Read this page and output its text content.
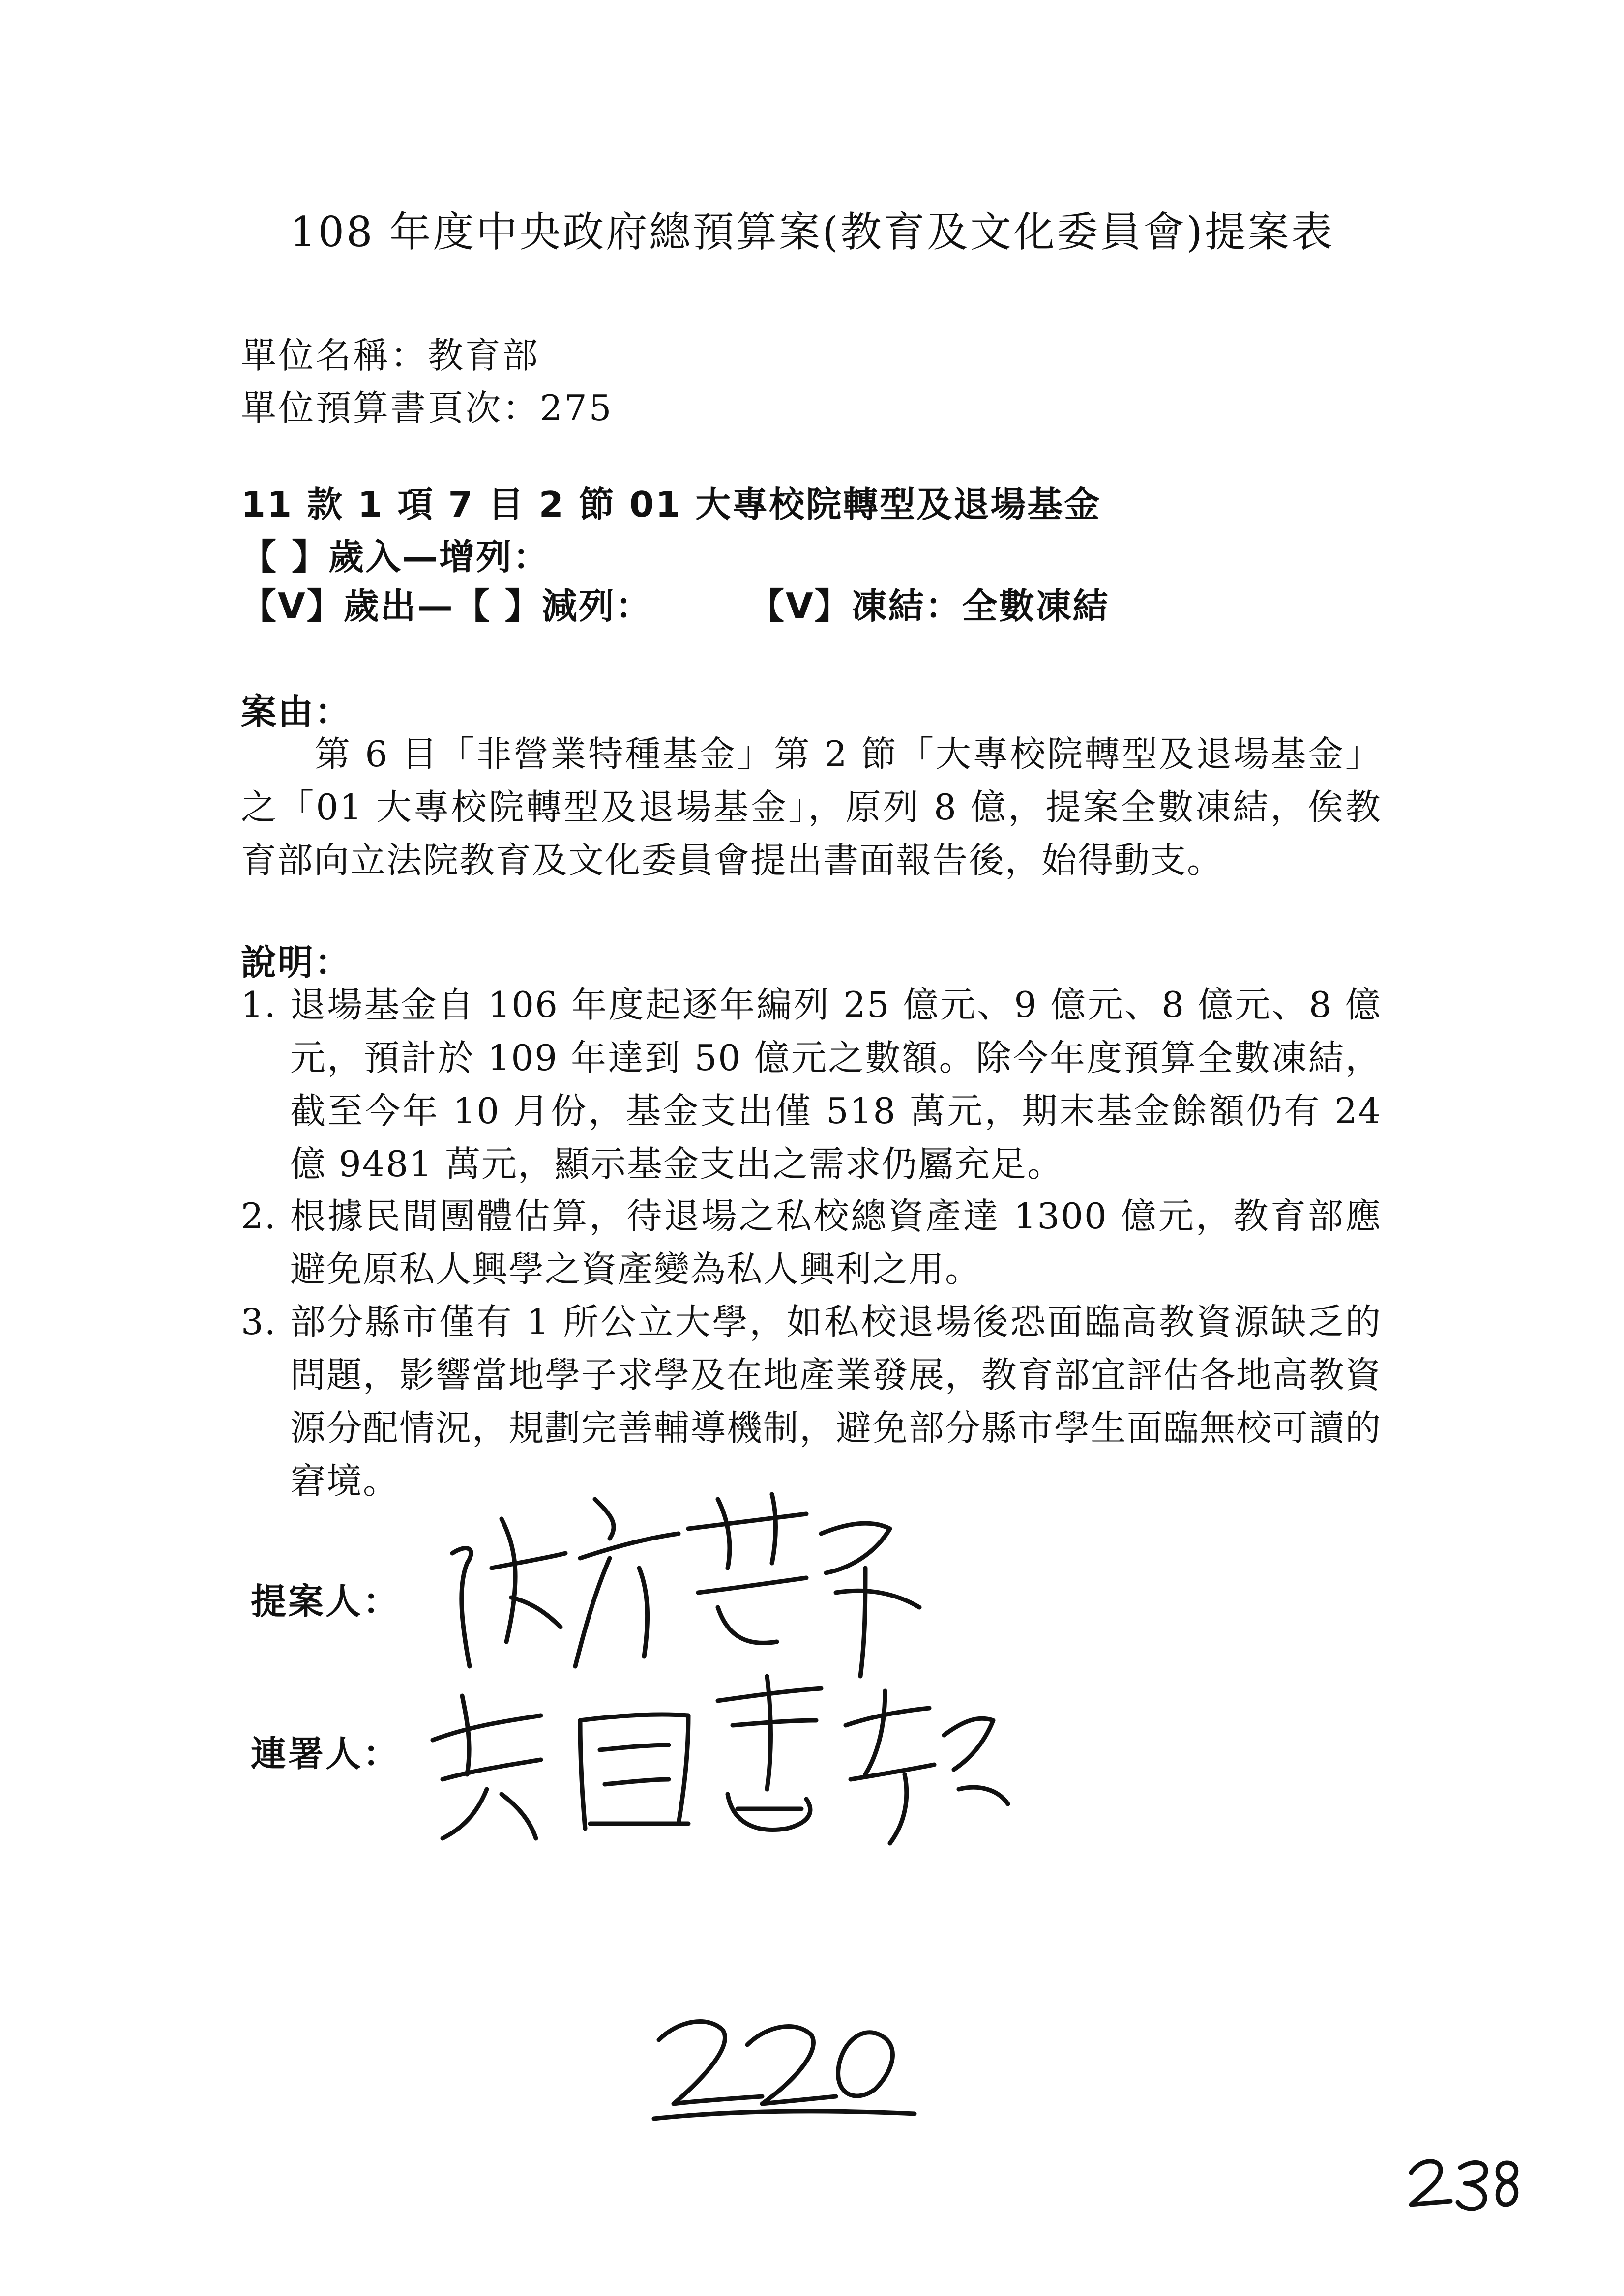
108 年度中央政府總預算案(教育及文化委員會)提案表
單位名稱：教育部
單位預算書頁次：275
11 款 1 項 7 目 2 節 01 大專校院轉型及退場基金
【 】歲入—增列：
【V】歲出—【 】減列：	【V】凍結：全數凍結
案由：
第 6 目「非營業特種基金」第 2 節「大專校院轉型及退場基金」之「01 大專校院轉型及退場基金」，原列 8 億，提案全數凍結，俟教育部向立法院教育及文化委員會提出書面報告後，始得動支。
說明：
1. 退場基金自 106 年度起逐年編列 25 億元、9 億元、8 億元、8 億元，預計於 109 年達到 50 億元之數額。除今年度預算全數凍結，截至今年 10 月份，基金支出僅 518 萬元，期末基金餘額仍有 24 億 9481 萬元，顯示基金支出之需求仍屬充足。
2. 根據民間團體估算，待退場之私校總資產達 1300 億元，教育部應避免原私人興學之資產變為私人興利之用。
3. 部分縣市僅有 1 所公立大學，如私校退場後恐面臨高教資源缺乏的問題，影響當地學子求學及在地產業發展，教育部宜評估各地高教資源分配情況，規劃完善輔導機制，避免部分縣市學生面臨無校可讀的窘境。
提案人：
連署人：
220
238
